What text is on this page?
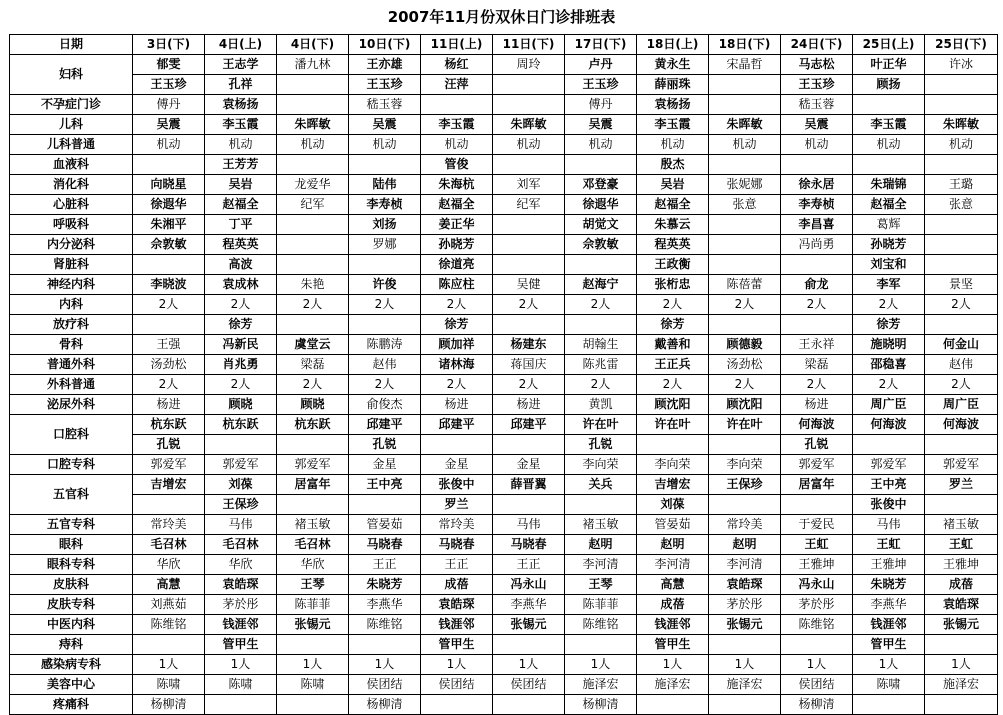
2007年11月份双休日门诊排班表
日期	3日(下)	4日(上)	4日(下)	10日(下)	11日(上)	11日(下)	17日(下)	18日(上)	18日(下)	24日(下)	25日(上)	25日(下)
妇科	郁雯	王志学	潘九林	王亦雄	杨红	周玲	卢丹	黄永生	宋晶哲	马志松	叶正华	许冰
	王玉珍	孔祥		王玉珍	汪萍		王玉珍	薛丽珠		王玉珍	顾扬	
不孕症门诊	傅丹	袁杨扬		嵇玉蓉			傅丹	袁杨扬		嵇玉蓉		
儿科	吴震	李玉霞	朱晖敏	吴震	李玉霞	朱晖敏	吴震	李玉霞	朱晖敏	吴震	李玉霞	朱晖敏
儿科普通	机动	机动	机动	机动	机动	机动	机动	机动	机动	机动	机动	机动
血液科		王芳芳			管俊			殷杰				
消化科	向晓星	吴岩	龙爱华	陆伟	朱海杭	刘军	邓登豪	吴岩	张妮娜	徐永居	朱瑞锦	王璐
心脏科	徐遐华	赵福全	纪军	李寿桢	赵福全	纪军	徐遐华	赵福全	张意	李寿桢	赵福全	张意
呼吸科	朱湘平	丁平		刘扬	姜正华		胡觉文	朱慕云		李昌喜	葛辉	
内分泌科	佘敦敏	程英英		罗娜	孙晓芳		佘敦敏	程英英		冯尚勇	孙晓芳	
肾脏科		高波			徐道亮			王政衡			刘宝和	
神经内科	李晓波	袁成林	朱艳	许俊	陈应柱	吴健	赵海宁	张桁忠	陈蓓蕾	俞龙	李军	景坚
内科	2人	2人	2人	2人	2人	2人	2人	2人	2人	2人	2人	2人
放疗科		徐芳			徐芳			徐芳			徐芳	
骨科	王强	冯新民	虞堂云	陈鹏涛	顾加祥	杨建东	胡翰生	戴善和	顾德毅	王永祥	施晓明	何金山
普通外科	汤劲松	肖兆勇	梁磊	赵伟	诸林海	蒋国庆	陈兆雷	王正兵	汤劲松	梁磊	邵稳喜	赵伟
外科普通	2人	2人	2人	2人	2人	2人	2人	2人	2人	2人	2人	2人
泌尿外科	杨进	顾晓	顾晓	俞俊杰	杨进	杨进	黄凯	顾沈阳	顾沈阳	杨进	周广臣	周广臣
口腔科	杭东跃	杭东跃	杭东跃	邱建平	邱建平	邱建平	许在叶	许在叶	许在叶	何海波	何海波	何海波
	孔锐			孔锐			孔锐			孔锐		
口腔专科	郭爱军	郭爱军	郭爱军	金星	金星	金星	李向荣	李向荣	李向荣	郭爱军	郭爱军	郭爱军
五官科	吉增宏	刘葆	居富年	王中亮	张俊中	薛晋翼	关兵	吉增宏	王保珍	居富年	王中亮	罗兰
		王保珍			罗兰			刘葆			张俊中	
五官专科	常玲美	马伟	褚玉敏	管晏茹	常玲美	马伟	褚玉敏	管晏茹	常玲美	于爱民	马伟	褚玉敏
眼科	毛召林	毛召林	毛召林	马晓春	马晓春	马晓春	赵明	赵明	赵明	王虹	王虹	王虹
眼科专科	华欣	华欣	华欣	王正	王正	王正	李河清	李河清	李河清	王雅坤	王雅坤	王雅坤
皮肤科	高慧	袁皓琛	王琴	朱晓芳	成蓓	冯永山	王琴	高慧	袁皓琛	冯永山	朱晓芳	成蓓
皮肤专科	刘燕茹	茅於彤	陈菲菲	李燕华	袁皓琛	李燕华	陈菲菲	成蓓	茅於彤	茅於彤	李燕华	袁皓琛
中医内科	陈维铭	钱涯邻	张锡元	陈维铭	钱涯邻	张锡元	陈维铭	钱涯邻	张锡元	陈维铭	钱涯邻	张锡元
痔科		管甲生			管甲生			管甲生			管甲生	
感染病专科	1人	1人	1人	1人	1人	1人	1人	1人	1人	1人	1人	1人
美容中心	陈啸	陈啸	陈啸	侯团结	侯团结	侯团结	施泽宏	施泽宏	施泽宏	侯团结	陈啸	施泽宏
疼痛科	杨柳清			杨柳清			杨柳清			杨柳清		
